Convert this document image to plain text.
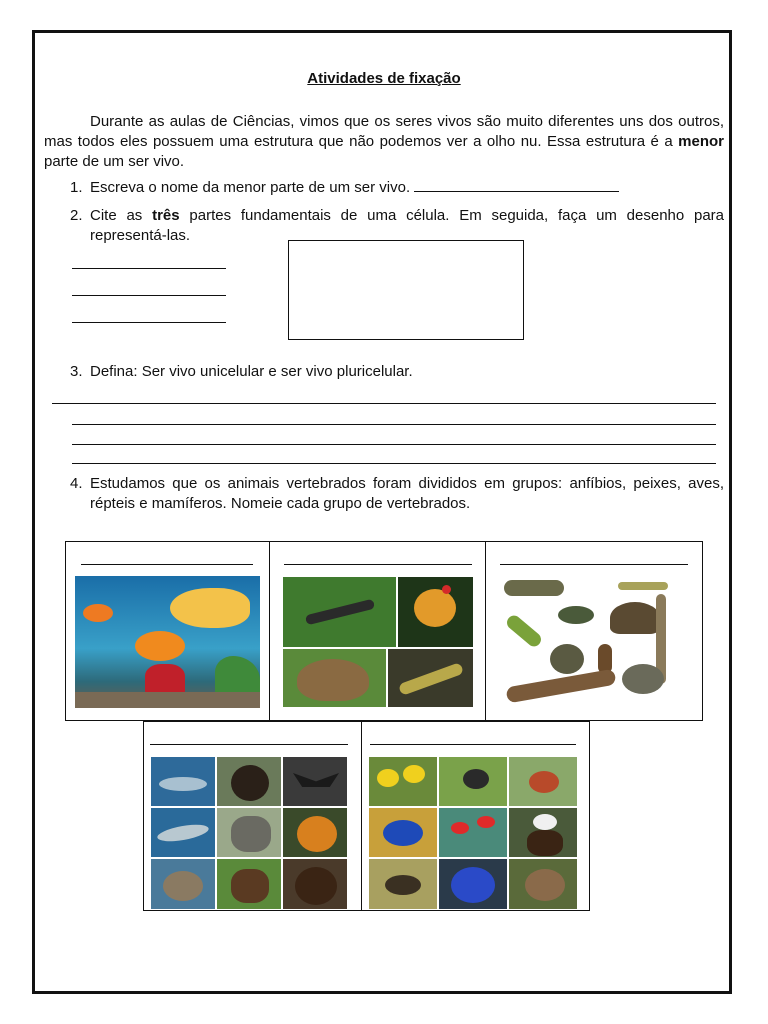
Atividades de fixação
Durante as aulas de Ciências, vimos que os seres vivos são muito diferentes uns dos outros, mas todos eles possuem uma estrutura que não podemos ver a olho nu. Essa estrutura é a menor parte de um ser vivo.
1. Escreva o nome da menor parte de um ser vivo.
2. Cite as três partes fundamentais de uma célula. Em seguida, faça um desenho para representá-las.
3. Defina: Ser vivo unicelular e ser vivo pluricelular.
4. Estudamos que os animais vertebrados foram divididos em grupos: anfíbios, peixes, aves, répteis e mamíferos. Nomeie cada grupo de vertebrados.
